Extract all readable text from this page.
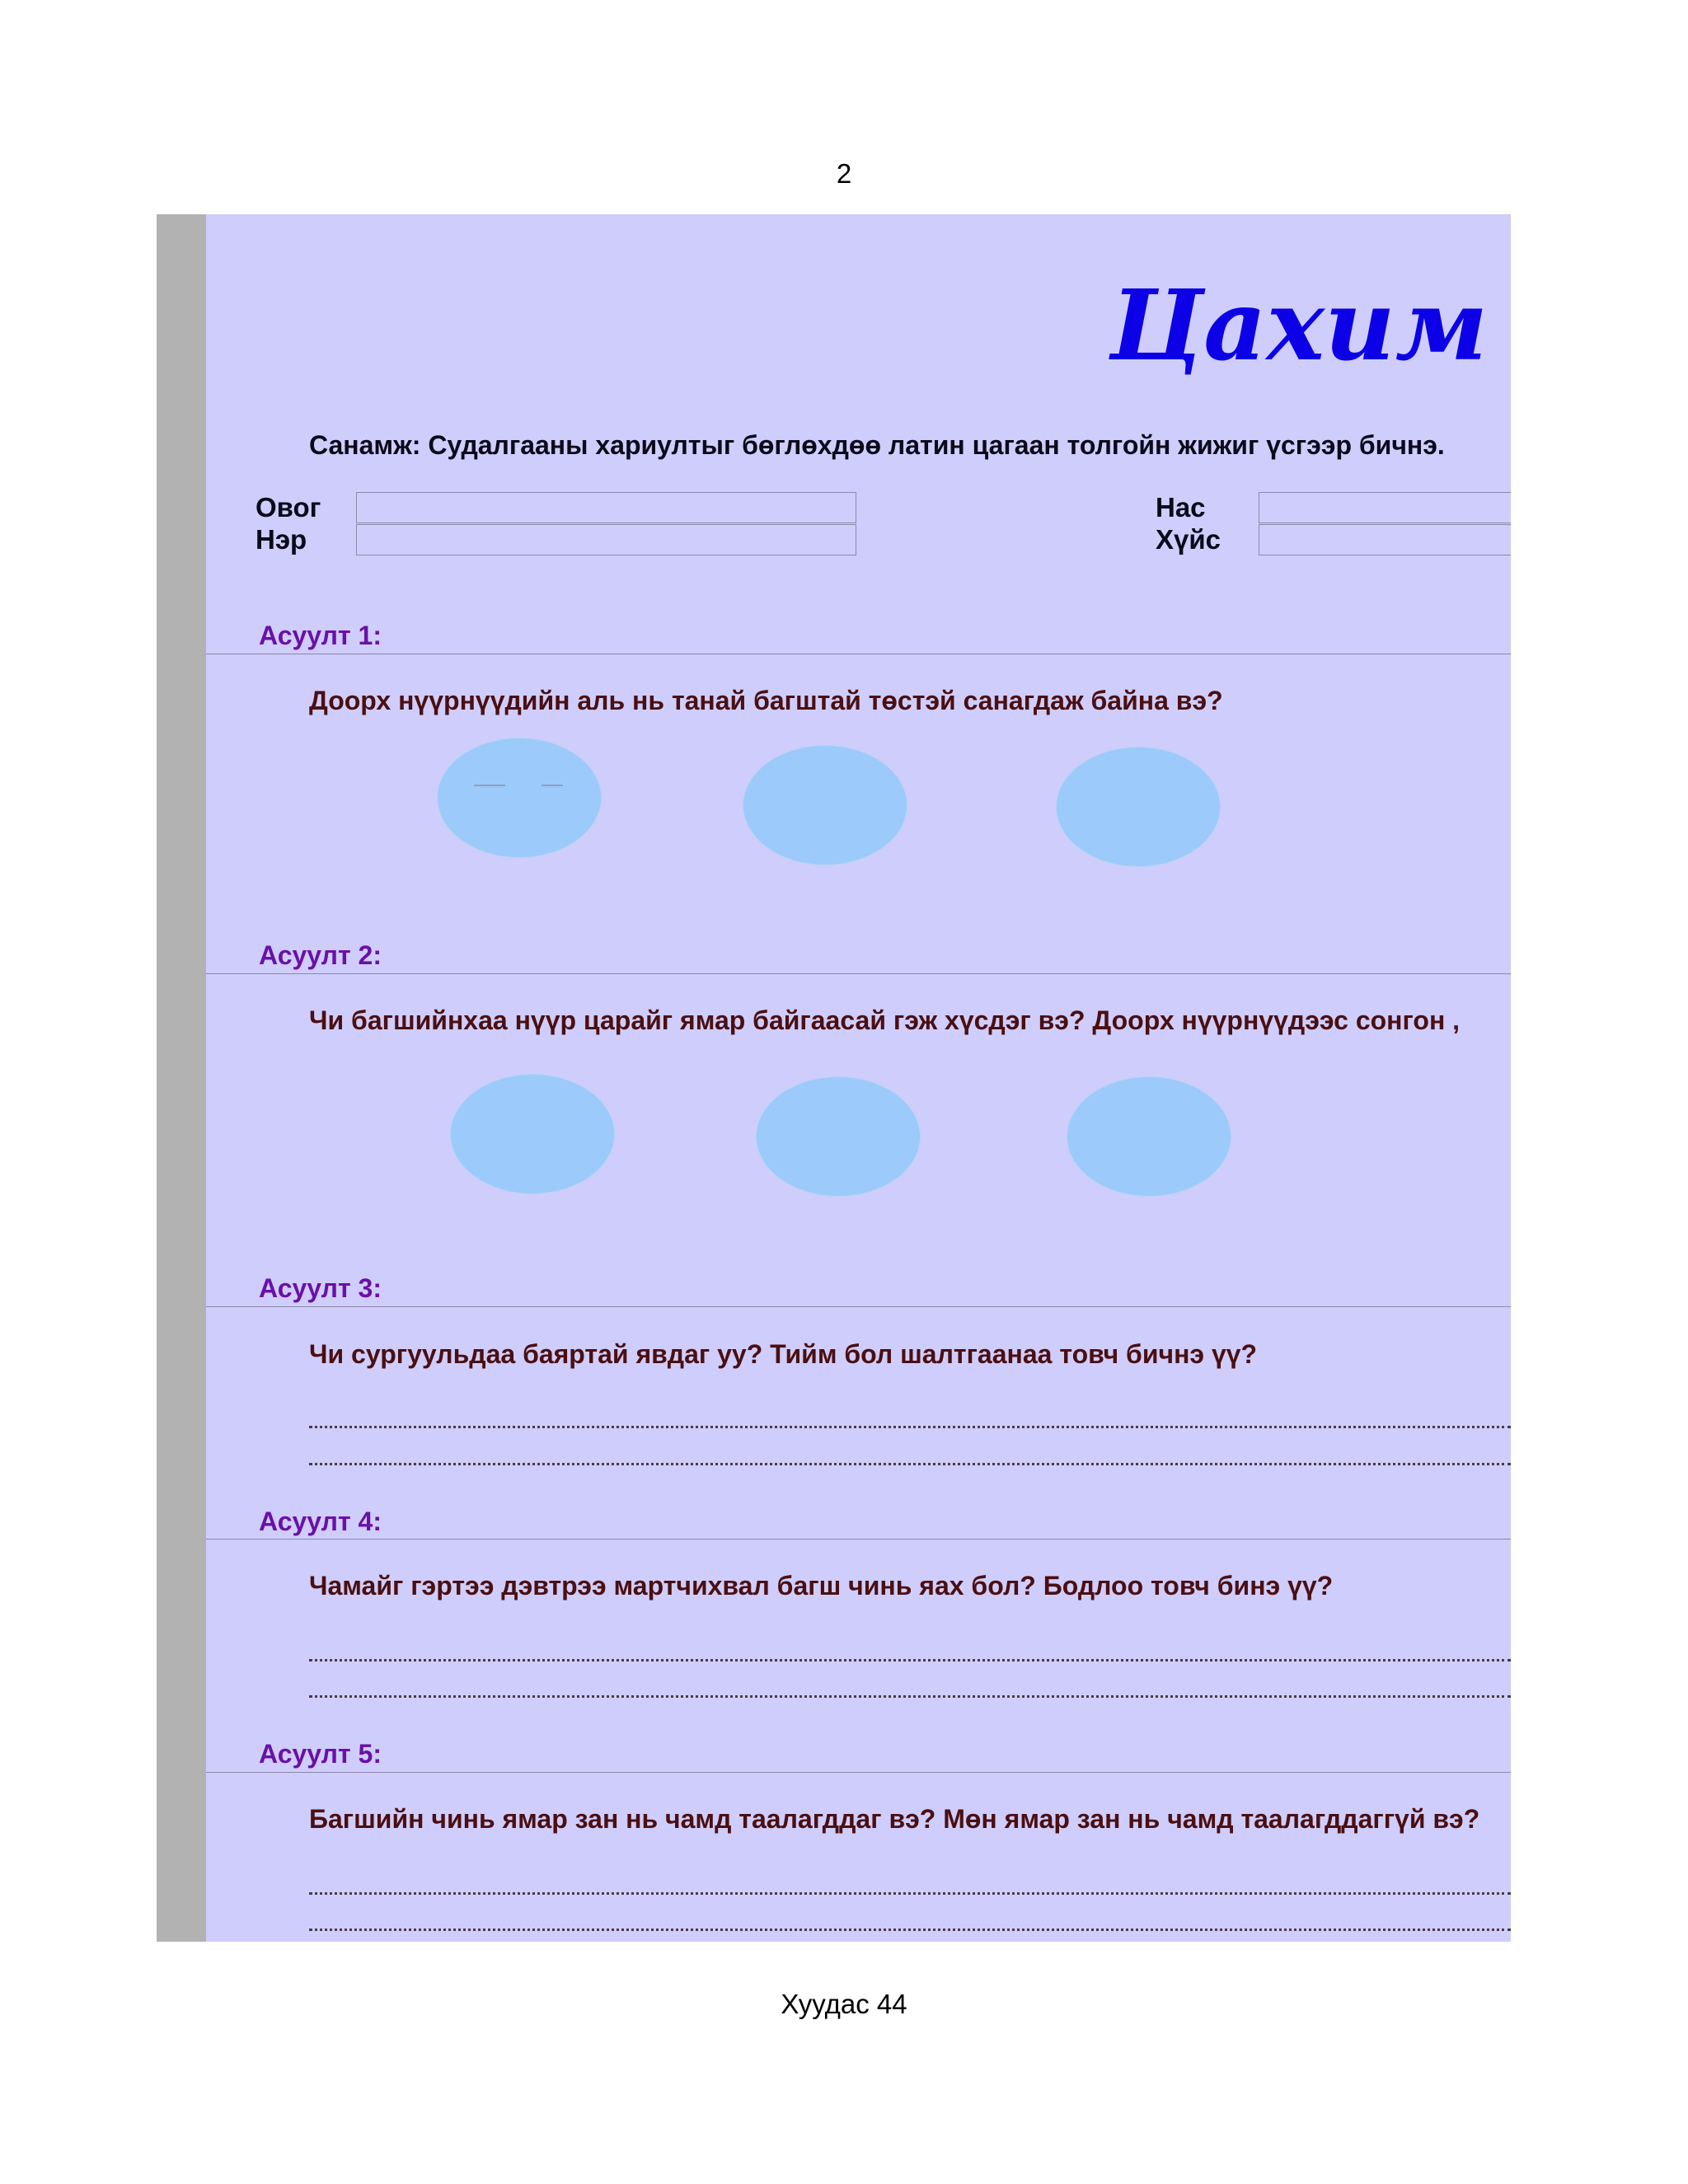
2
Цахим
Санамж: Судалгааны хариултыг бөглөхдөө латин цагаан толгойн жижиг үсгээр бичнэ.
Овог
Нэр
Нас
Хүйс
Асуулт 1:
Доорх нүүрнүүдийн аль нь танай багштай төстэй санагдаж байна вэ?
Асуулт 2:
Чи багшийнхаа нүүр царайг ямар байгаасай гэж хүсдэг вэ? Доорх нүүрнүүдээс сонгон ,
Асуулт 3:
Чи сургуульдаа баяртай явдаг уу? Тийм бол шалтгаанаа товч бичнэ үү?
Асуулт 4:
Чамайг гэртээ дэвтрээ мартчихвал багш чинь яах бол? Бодлоо товч бинэ үү?
Асуулт 5:
Багшийн чинь ямар зан нь чамд таалагддаг вэ? Мөн ямар зан нь чамд таалагддаггүй вэ?
Хуудас 44
